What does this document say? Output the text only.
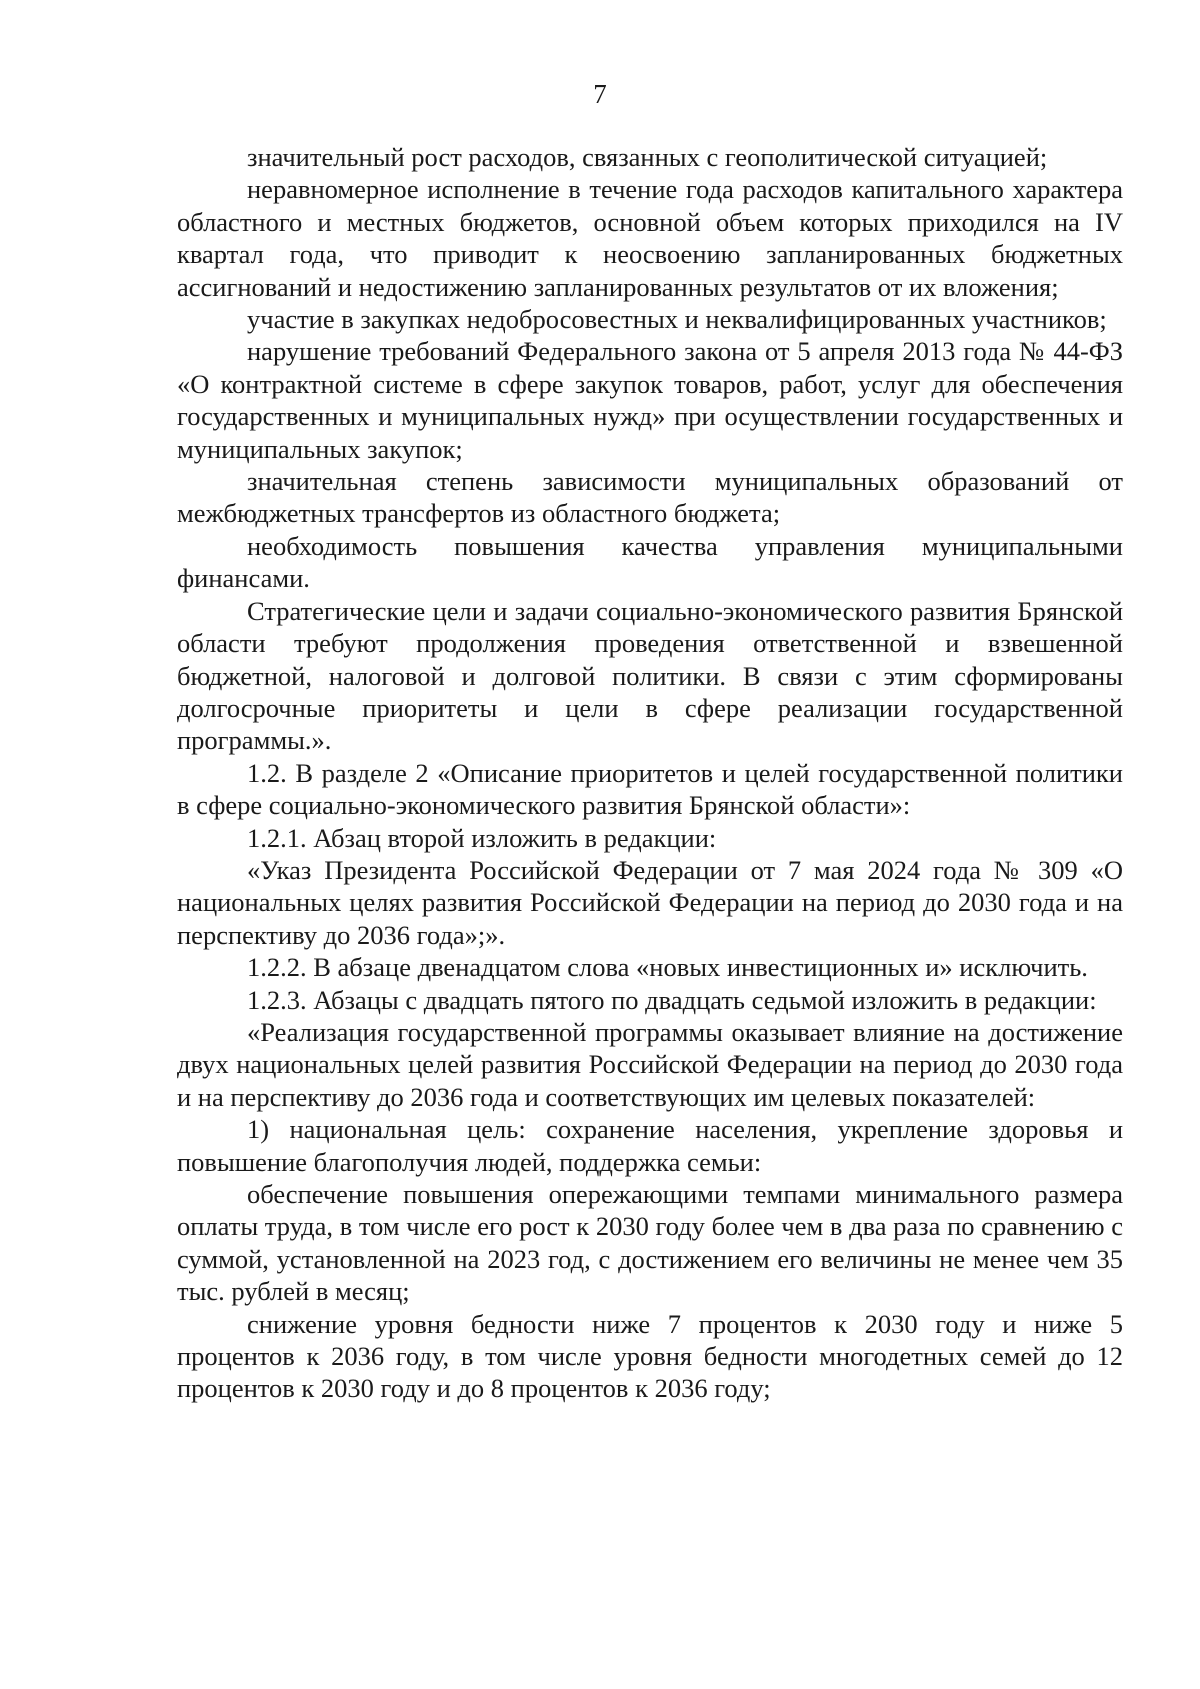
7

значительный рост расходов, связанных с геополитической ситуацией;

неравномерное исполнение в течение года расходов капитального характера областного и местных бюджетов, основной объем которых приходился на IV квартал года, что приводит к неосвоению запланированных бюджетных ассигнований и недостижению запланированных результатов от их вложения;

участие в закупках недобросовестных и неквалифицированных участников;

нарушение требований Федерального закона от 5 апреля 2013 года № 44-ФЗ «О контрактной системе в сфере закупок товаров, работ, услуг для обеспечения государственных и муниципальных нужд» при осуществлении государственных и муниципальных закупок;

значительная степень зависимости муниципальных образований от межбюджетных трансфертов из областного бюджета;

необходимость повышения качества управления муниципальными финансами.

Стратегические цели и задачи социально-экономического развития Брянской области требуют продолжения проведения ответственной и взвешенной бюджетной, налоговой и долговой политики. В связи с этим сформированы долгосрочные приоритеты и цели в сфере реализации государственной программы.».

1.2. В разделе 2 «Описание приоритетов и целей государственной политики в сфере социально-экономического развития Брянской области»:

1.2.1. Абзац второй изложить в редакции:

«Указ Президента Российской Федерации от 7 мая 2024 года № 309 «О национальных целях развития Российской Федерации на период до 2030 года и на перспективу до 2036 года»;».

1.2.2. В абзаце двенадцатом слова «новых инвестиционных и» исключить.

1.2.3. Абзацы с двадцать пятого по двадцать седьмой изложить в редакции:

«Реализация государственной программы оказывает влияние на достижение двух национальных целей развития Российской Федерации на период до 2030 года и на перспективу до 2036 года и соответствующих им целевых показателей:

1) национальная цель: сохранение населения, укрепление здоровья и повышение благополучия людей, поддержка семьи:

обеспечение повышения опережающими темпами минимального размера оплаты труда, в том числе его рост к 2030 году более чем в два раза по сравнению с суммой, установленной на 2023 год, с достижением его величины не менее чем 35 тыс. рублей в месяц;

снижение уровня бедности ниже 7 процентов к 2030 году и ниже 5 процентов к 2036 году, в том числе уровня бедности многодетных семей до 12 процентов к 2030 году и до 8 процентов к 2036 году;
